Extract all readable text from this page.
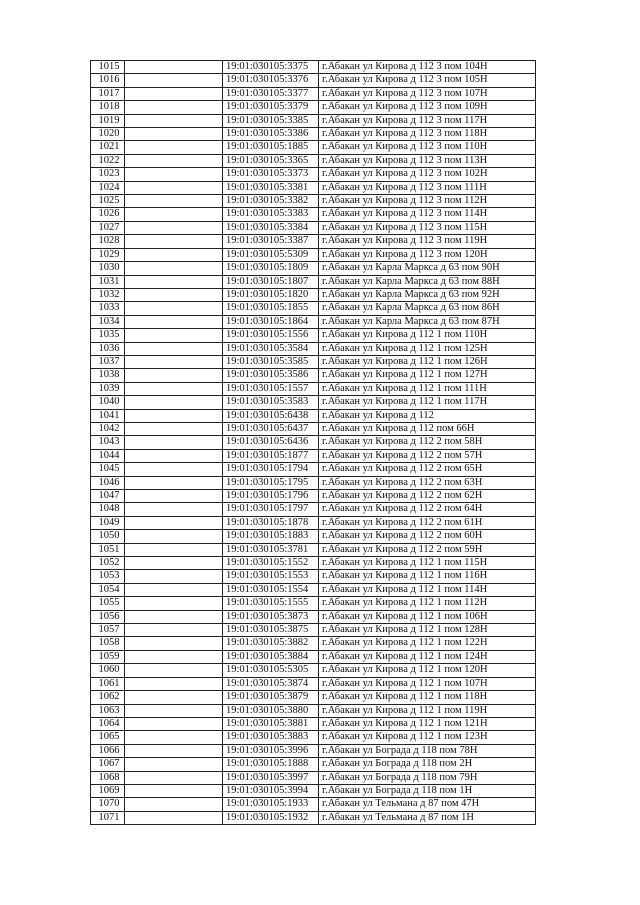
1015		19:01:030105:3375	г.Абакан ул Кирова д 112 3 пом 104Н
1016		19:01:030105:3376	г.Абакан ул Кирова д 112 3 пом 105Н
1017		19:01:030105:3377	г.Абакан ул Кирова д 112 3 пом 107Н
1018		19:01:030105:3379	г.Абакан ул Кирова д 112 3 пом 109Н
1019		19:01:030105:3385	г.Абакан ул Кирова д 112 3 пом 117Н
1020		19:01:030105:3386	г.Абакан ул Кирова д 112 3 пом 118Н
1021		19:01:030105:1885	г.Абакан ул Кирова д 112 3 пом 110Н
1022		19:01:030105:3365	г.Абакан ул Кирова д 112 3 пом 113Н
1023		19:01:030105:3373	г.Абакан ул Кирова д 112 3 пом 102Н
1024		19:01:030105:3381	г.Абакан ул Кирова д 112 3 пом 111Н
1025		19:01:030105:3382	г.Абакан ул Кирова д 112 3 пом 112Н
1026		19:01:030105:3383	г.Абакан ул Кирова д 112 3 пом 114Н
1027		19:01:030105:3384	г.Абакан ул Кирова д 112 3 пом 115Н
1028		19:01:030105:3387	г.Абакан ул Кирова д 112 3 пом 119Н
1029		19:01:030105:5309	г.Абакан ул Кирова д 112 3 пом 120Н
1030		19:01:030105:1809	г.Абакан ул Карла Маркса д 63 пом 90Н
1031		19:01:030105:1807	г.Абакан ул Карла Маркса д 63 пом 88Н
1032		19:01:030105:1820	г.Абакан ул Карла Маркса д 63 пом 92Н
1033		19:01:030105:1855	г.Абакан ул Карла Маркса д 63 пом 86Н
1034		19:01:030105:1864	г.Абакан ул Карла Маркса д 63 пом 87Н
1035		19:01:030105:1556	г.Абакан ул Кирова д 112 1 пом 110Н
1036		19:01:030105:3584	г.Абакан ул Кирова д 112 1 пом 125Н
1037		19:01:030105:3585	г.Абакан ул Кирова д 112 1 пом 126Н
1038		19:01:030105:3586	г.Абакан ул Кирова д 112 1 пом 127Н
1039		19:01:030105:1557	г.Абакан ул Кирова д 112 1 пом 111Н
1040		19:01:030105:3583	г.Абакан ул Кирова д 112 1 пом 117Н
1041		19:01:030105:6438	г.Абакан ул Кирова д 112
1042		19:01:030105:6437	г.Абакан ул Кирова д 112 пом 66Н
1043		19:01:030105:6436	г.Абакан ул Кирова д 112 2 пом 58Н
1044		19:01:030105:1877	г.Абакан ул Кирова д 112 2 пом 57Н
1045		19:01:030105:1794	г.Абакан ул Кирова д 112 2 пом 65Н
1046		19:01:030105:1795	г.Абакан ул Кирова д 112 2 пом 63Н
1047		19:01:030105:1796	г.Абакан ул Кирова д 112 2 пом 62Н
1048		19:01:030105:1797	г.Абакан ул Кирова д 112 2 пом 64Н
1049		19:01:030105:1878	г.Абакан ул Кирова д 112 2 пом 61Н
1050		19:01:030105:1883	г.Абакан ул Кирова д 112 2 пом 60Н
1051		19:01:030105:3781	г.Абакан ул Кирова д 112 2 пом 59Н
1052		19:01:030105:1552	г.Абакан ул Кирова д 112 1 пом 115Н
1053		19:01:030105:1553	г.Абакан ул Кирова д 112 1 пом 116Н
1054		19:01:030105:1554	г.Абакан ул Кирова д 112 1 пом 114Н
1055		19:01:030105:1555	г.Абакан ул Кирова д 112 1 пом 112Н
1056		19:01:030105:3873	г.Абакан ул Кирова д 112 1 пом 106Н
1057		19:01:030105:3875	г.Абакан ул Кирова д 112 1 пом 128Н
1058		19:01:030105:3882	г.Абакан ул Кирова д 112 1 пом 122Н
1059		19:01:030105:3884	г.Абакан ул Кирова д 112 1 пом 124Н
1060		19:01:030105:5305	г.Абакан ул Кирова д 112 1 пом 120Н
1061		19:01:030105:3874	г.Абакан ул Кирова д 112 1 пом 107Н
1062		19:01:030105:3879	г.Абакан ул Кирова д 112 1 пом 118Н
1063		19:01:030105:3880	г.Абакан ул Кирова д 112 1 пом 119Н
1064		19:01:030105:3881	г.Абакан ул Кирова д 112 1 пом 121Н
1065		19:01:030105:3883	г.Абакан ул Кирова д 112 1 пом 123Н
1066		19:01:030105:3996	г.Абакан ул Бограда д 118 пом 78Н
1067		19:01:030105:1888	г.Абакан ул Бограда д 118 пом 2Н
1068		19:01:030105:3997	г.Абакан ул Бограда д 118 пом 79Н
1069		19:01:030105:3994	г.Абакан ул Бограда д 118 пом 1Н
1070		19:01:030105:1933	г.Абакан ул Тельмана д 87 пом 47Н
1071		19:01:030105:1932	г.Абакан ул Тельмана д 87 пом 1Н
